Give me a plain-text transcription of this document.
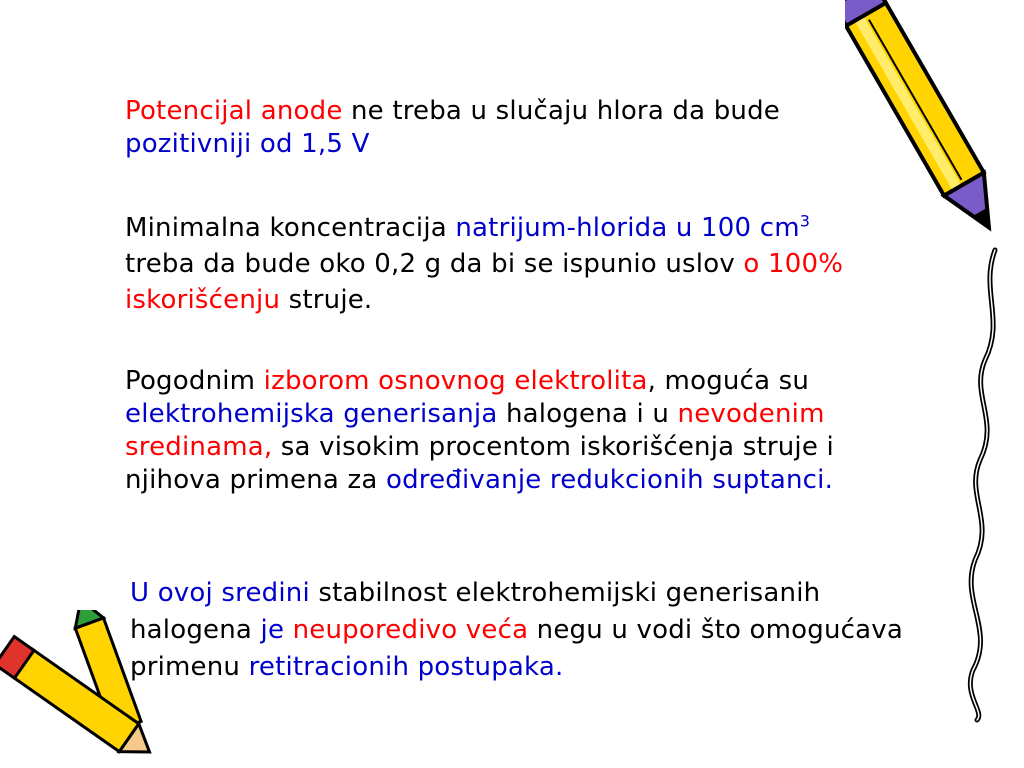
Potencijal anode ne treba u slučaju hlora da bude pozitivniji od 1,5 V
Minimalna koncentracija natrijum-hlorida u 100 $cm^3$ treba da bude oko 0,2 g da bi se ispunio uslov o 100% iskorišćenju struje.
Pogodnim izborom osnovnog elektrolita, moguća su elektrohemijska generisanja halogena i u nevodenim sredinama, sa visokim procentom iskorišćenja struje i njihova primena za određivanje redukcionih suptanci.
U ovoj sredini stabilnost elektrohemijski generisanih halogena je neuporedivo veća negu u vodi što omogućava primenu retitracionih postupaka.
